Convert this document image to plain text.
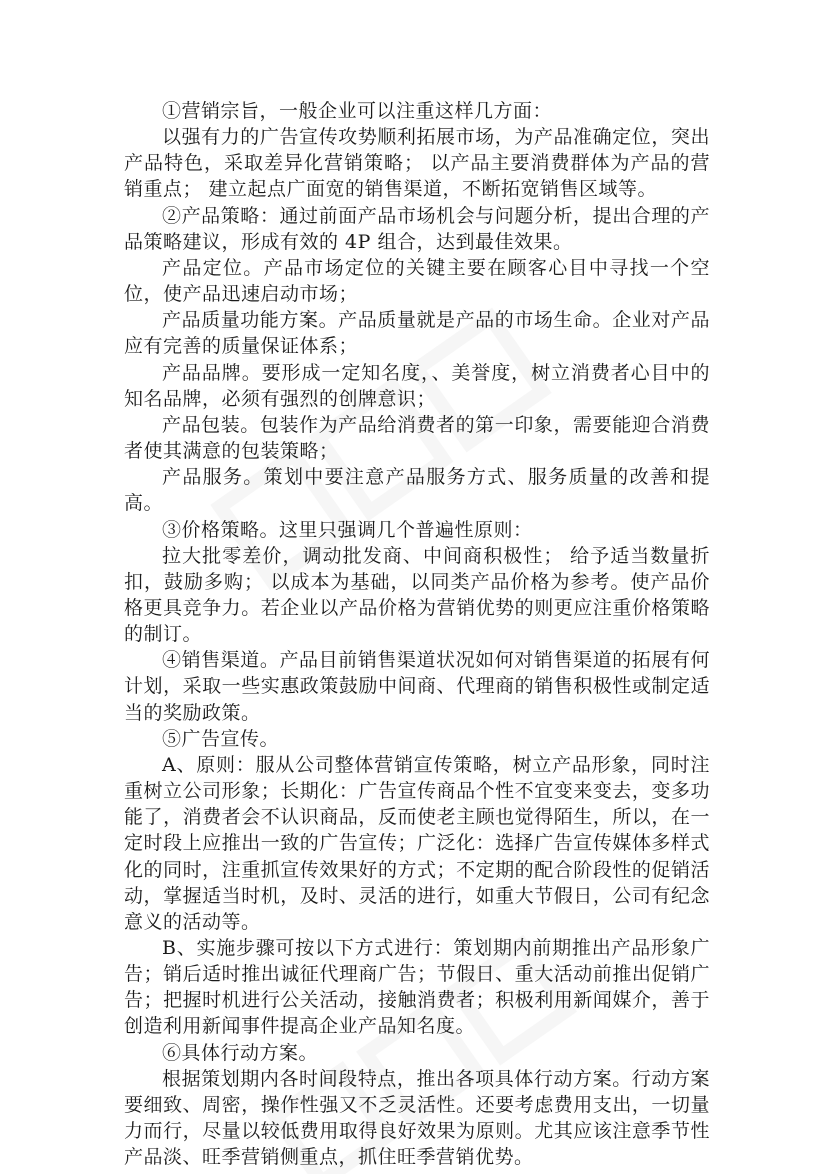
①营销宗旨，一般企业可以注重这样几方面：

以强有力的广告宣传攻势顺利拓展市场，为产品准确定位，突出产品特色，采取差异化营销策略； 以产品主要消费群体为产品的营销重点； 建立起点广面宽的销售渠道，不断拓宽销售区域等。

②产品策略：通过前面产品市场机会与问题分析，提出合理的产品策略建议，形成有效的 4P 组合，达到最佳效果。

产品定位。产品市场定位的关键主要在顾客心目中寻找一个空位，使产品迅速启动市场；

产品质量功能方案。产品质量就是产品的市场生命。企业对产品应有完善的质量保证体系；

产品品牌。要形成一定知名度，、美誉度，树立消费者心目中的知名品牌，必须有强烈的创牌意识；

产品包装。包装作为产品给消费者的第一印象，需要能迎合消费者使其满意的包装策略；

产品服务。策划中要注意产品服务方式、服务质量的改善和提高。

③价格策略。这里只强调几个普遍性原则：

拉大批零差价，调动批发商、中间商积极性； 给予适当数量折扣，鼓励多购； 以成本为基础，以同类产品价格为参考。使产品价格更具竞争力。若企业以产品价格为营销优势的则更应注重价格策略的制订。

④销售渠道。产品目前销售渠道状况如何对销售渠道的拓展有何计划，采取一些实惠政策鼓励中间商、代理商的销售积极性或制定适当的奖励政策。

⑤广告宣传。

A、原则：服从公司整体营销宣传策略，树立产品形象，同时注重树立公司形象；长期化：广告宣传商品个性不宜变来变去，变多功能了，消费者会不认识商品，反而使老主顾也觉得陌生，所以，在一定时段上应推出一致的广告宣传；广泛化：选择广告宣传媒体多样式化的同时，注重抓宣传效果好的方式；不定期的配合阶段性的促销活动，掌握适当时机，及时、灵活的进行，如重大节假日，公司有纪念意义的活动等。

B、实施步骤可按以下方式进行：策划期内前期推出产品形象广告；销后适时推出诚征代理商广告；节假日、重大活动前推出促销广告；把握时机进行公关活动，接触消费者；积极利用新闻媒介，善于创造利用新闻事件提高企业产品知名度。

⑥具体行动方案。

根据策划期内各时间段特点，推出各项具体行动方案。行动方案要细致、周密，操作性强又不乏灵活性。还要考虑费用支出，一切量力而行，尽量以较低费用取得良好效果为原则。尤其应该注意季节性产品淡、旺季营销侧重点，抓住旺季营销优势。
